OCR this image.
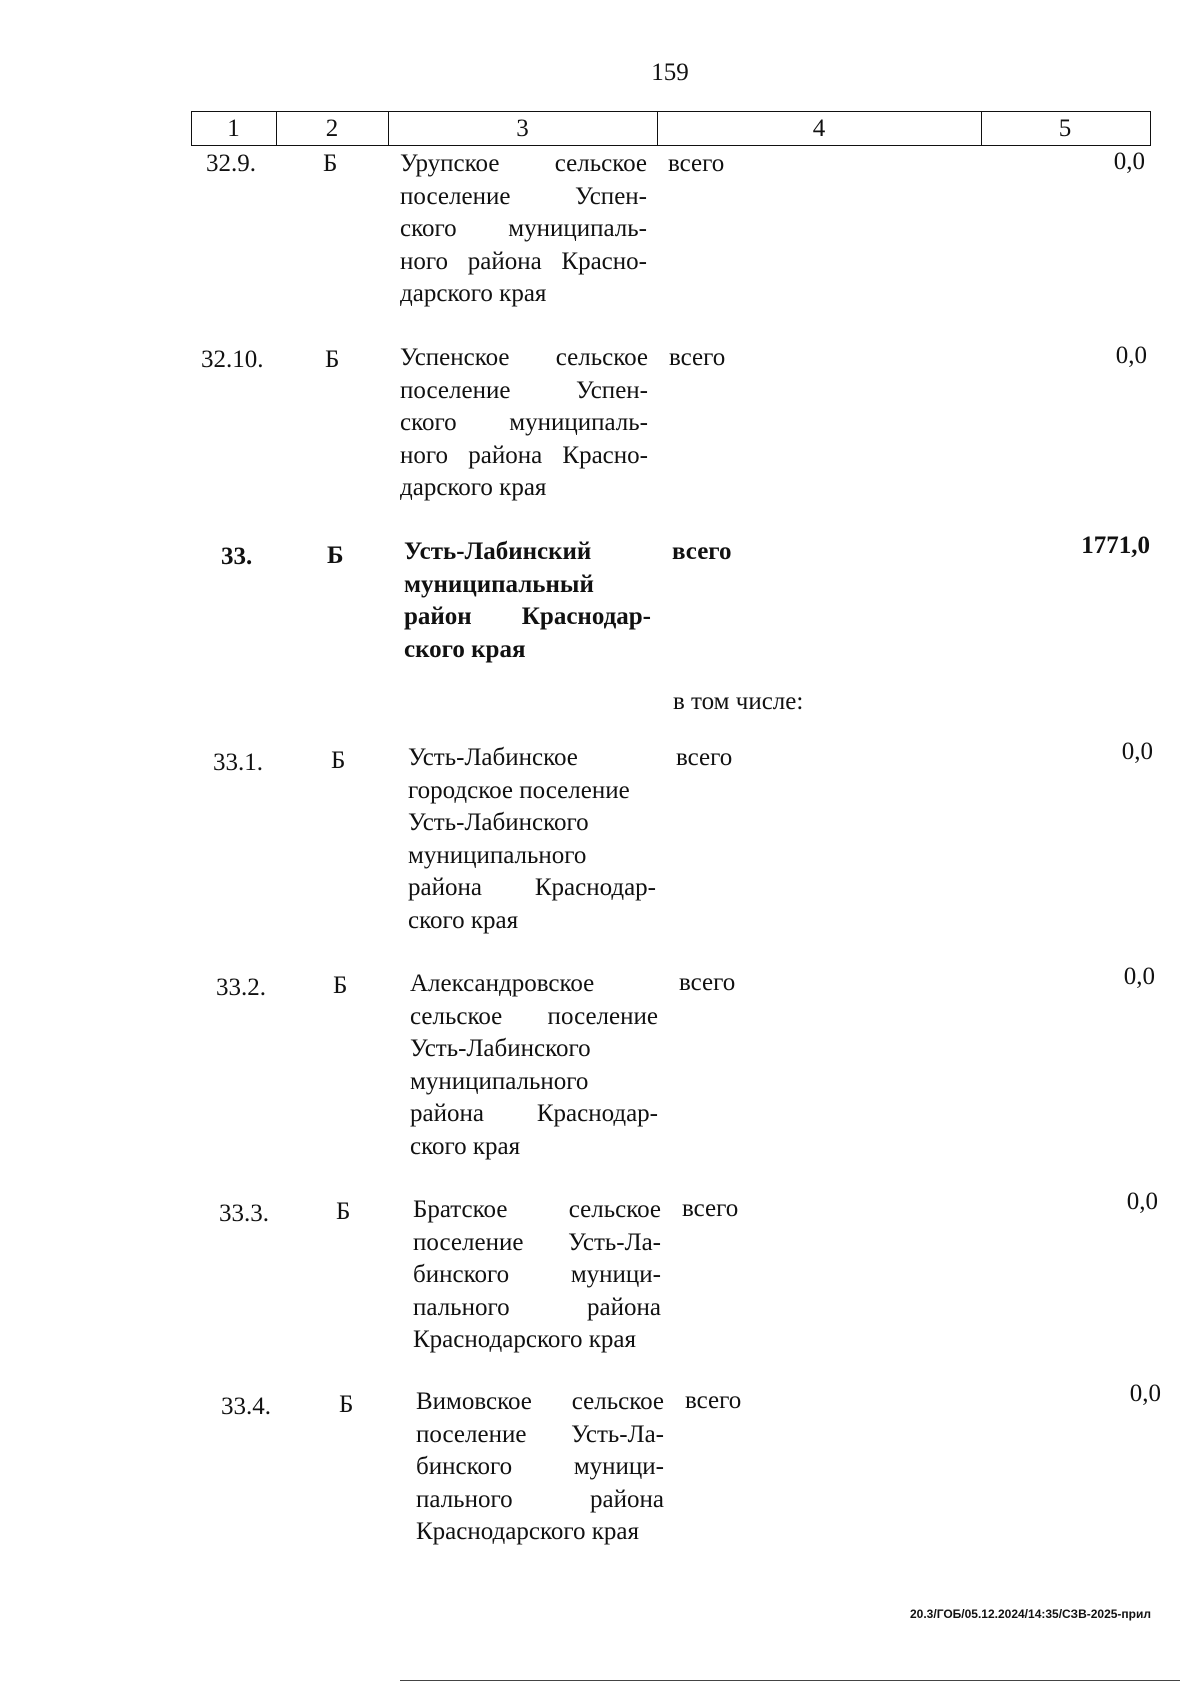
159
1	2	3	4	5
32.9.	Б	Урупское сельское
поселение Успен-
ского муниципаль-
ного района Красно-
дарского края
всего	0,0
32.10. Б Успенское сельское
поселение Успен-
ского муниципаль-
ного района Красно-
дарского края
всего	0,0
33.	Б Усть-Лабинский
муниципальный
район Краснодар-
ского края
всего	1771,0
в том числе:
33.1.	Б	Усть-Лабинское
городское поселение
Усть-Лабинского
муниципального
района Краснодар-
ского края
всего	0,0
33.2.	Б	Александровское
сельское поселение
Усть-Лабинского
муниципального
района Краснодар-
ского края
всего	0,0
33.3.	Б	Братское сельское
поселение Усть-Ла-
бинского муници-
пального района
Краснодарского края
всего	0,0
33.4.	Б	Вимовское сельское
поселение Усть-Ла-
бинского муници-
пального района
Краснодарского края
всего	0,0
20.3/ГОБ/05.12.2024/14:35/СЗВ-2025-прил
